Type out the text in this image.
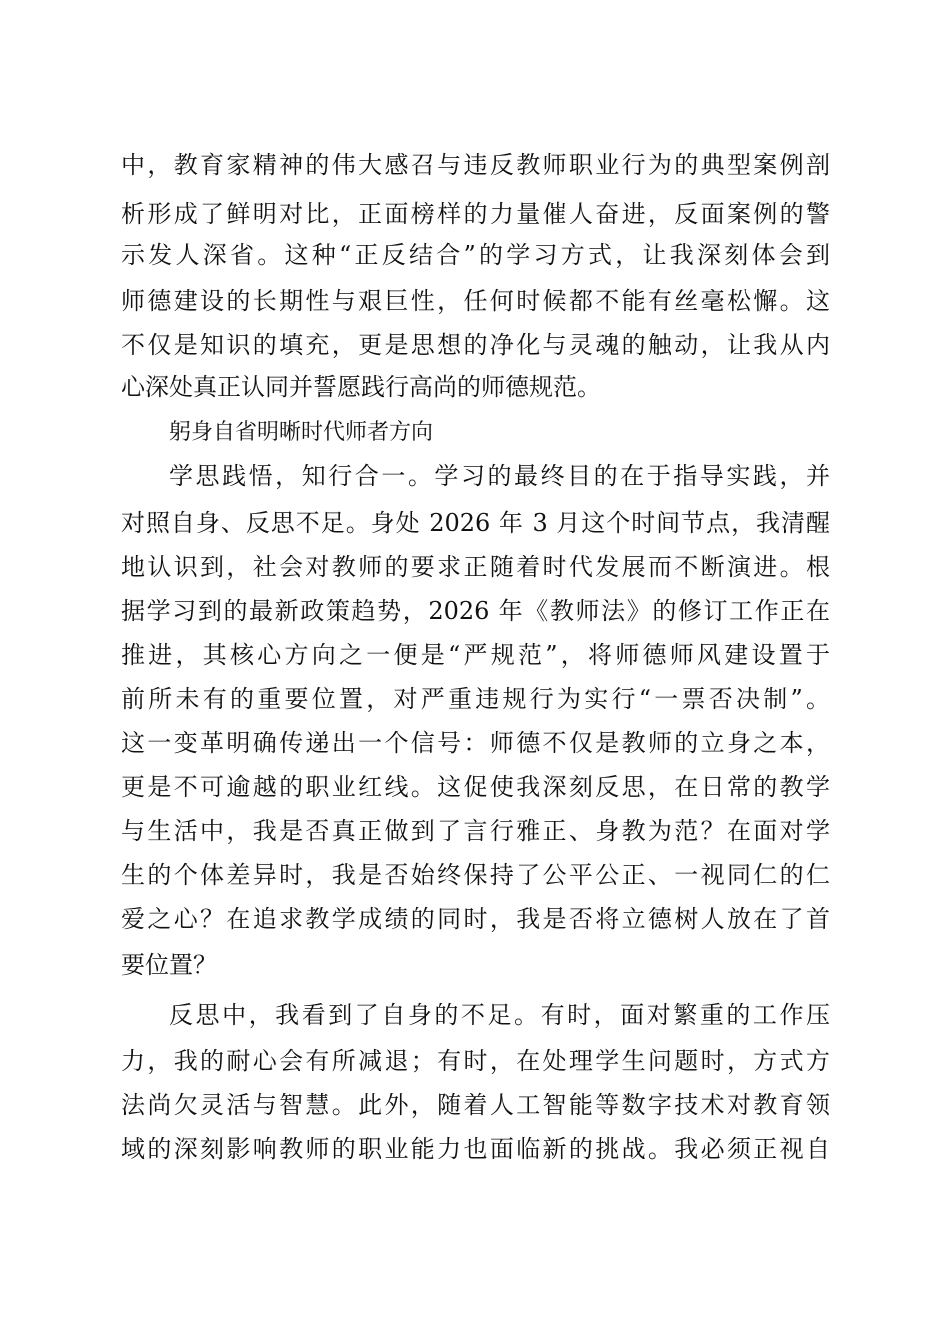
中，教育家精神的伟大感召与违反教师职业行为的典型案例剖

析形成了鲜明对比，正面榜样的力量催人奋进，反面案例的警

示发人深省。这种“正反结合”的学习方式，让我深刻体会到

师德建设的长期性与艰巨性，任何时候都不能有丝毫松懈。这

不仅是知识的填充，更是思想的净化与灵魂的触动，让我从内

心深处真正认同并誓愿践行高尚的师德规范。

躬身自省明晰时代师者方向

学思践悟，知行合一。学习的最终目的在于指导实践，并

对照自身、反思不足。身处 2026 年 3 月这个时间节点，我清醒

地认识到，社会对教师的要求正随着时代发展而不断演进。根

据学习到的最新政策趋势，2026 年《教师法》的修订工作正在

推进，其核心方向之一便是“严规范”，将师德师风建设置于

前所未有的重要位置，对严重违规行为实行“一票否决制”。

这一变革明确传递出一个信号：师德不仅是教师的立身之本，

更是不可逾越的职业红线。这促使我深刻反思，在日常的教学

与生活中，我是否真正做到了言行雅正、身教为范？在面对学

生的个体差异时，我是否始终保持了公平公正、一视同仁的仁

爱之心？在追求教学成绩的同时，我是否将立德树人放在了首

要位置？

反思中，我看到了自身的不足。有时，面对繁重的工作压

力，我的耐心会有所减退；有时，在处理学生问题时，方式方

法尚欠灵活与智慧。此外，随着人工智能等数字技术对教育领

域的深刻影响教师的职业能力也面临新的挑战。我必须正视自
